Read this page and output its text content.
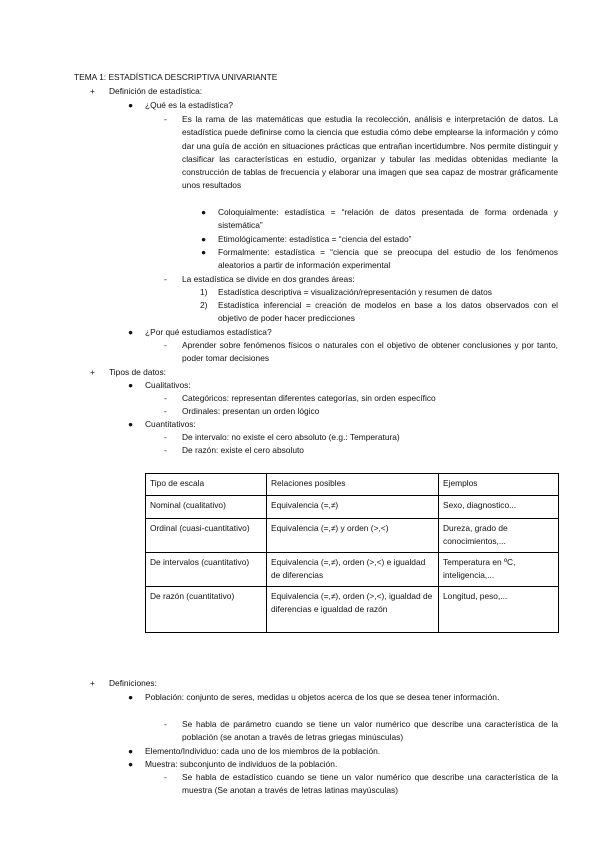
TEMA 1: ESTADÍSTICA DESCRIPTIVA UNIVARIANTE
+ Definición de estadística:
● ¿Qué es la estadística?
- Es la rama de las matemáticas que estudia la recolección, análisis e interpretación de datos. La estadística puede definirse como la ciencia que estudia cómo debe emplearse la información y cómo dar una guía de acción en situaciones prácticas que entrañan incertidumbre. Nos permite distinguir y clasificar las características en estudio, organizar y tabular las medidas obtenidas mediante la construcción de tablas de frecuencia y elaborar una imagen que sea capaz de mostrar gráficamente unos resultados
● Coloquialmente: estadística = “relación de datos presentada de forma ordenada y sistemática”
● Etimológicamente: estadística = “ciencia del estado”
● Formalmente: estadística = “ciencia que se preocupa del estudio de los fenómenos aleatorios a partir de información experimental
- La estadística se divide en dos grandes áreas:
1) Estadística descriptiva = visualización/representación y resumen de datos
2) Estadística inferencial = creación de modelos en base a los datos observados con el objetivo de poder hacer predicciones
● ¿Por qué estudiamos estadística?
- Aprender sobre fenómenos físicos o naturales con el objetivo de obtener conclusiones y por tanto, poder tomar decisiones
+ Tipos de datos:
● Cualitativos:
- Categóricos: representan diferentes categorías, sin orden específico
- Ordinales: presentan un orden lógico
● Cuantitativos:
- De intervalo: no existe el cero absoluto (e.g.: Temperatura)
- De razón: existe el cero absoluto
Tipo de escala	Relaciones posibles	Ejemplos
Nominal (cualitativo)	Equivalencia (=,≠)	Sexo, diagnostico...
Ordinal (cuasi-cuantitativo)	Equivalencia (=,≠) y orden (>,<)	Dureza, grado de conocimientos,...
De intervalos (cuantitativo)	Equivalencia (=,≠), orden (>,<) e igualdad de diferencias	Temperatura en ºC, inteligencia,...
De razón (cuantitativo)	Equivalencia (=,≠), orden (>,<), igualdad de diferencias e igualdad de razón	Longitud, peso,...
+ Definiciones:
● Población: conjunto de seres, medidas u objetos acerca de los que se desea tener información.
- Se habla de parámetro cuando se tiene un valor numérico que describe una característica de la población (se anotan a través de letras griegas minúsculas)
● Elemento/Individuo: cada uno de los miembros de la población.
● Muestra: subconjunto de individuos de la población.
- Se habla de estadístico cuando se tiene un valor numérico que describe una característica de la muestra (Se anotan a través de letras latinas mayúsculas)
